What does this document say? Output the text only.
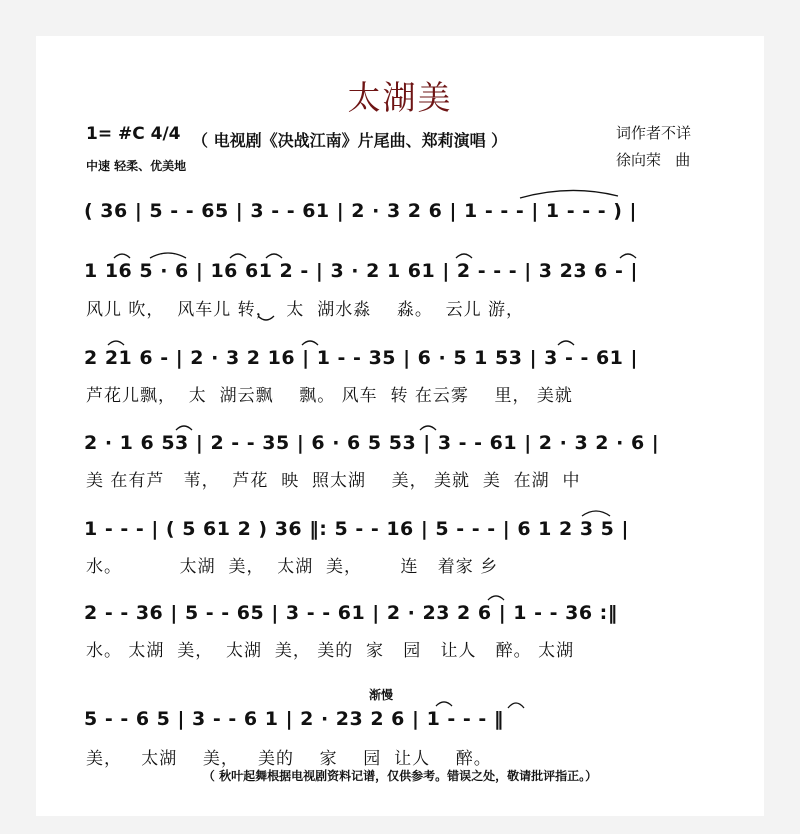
太湖美
1= #C 4/4 （ 电视剧《决战江南》片尾曲、郑莉演唱 ）
中速 轻柔、优美地
词作者不详
徐向荣   曲
( 36 | 5 - - 65 | 3 - - 61 | 2 · 3 2 6 | 1 - - - | 1 - - - ) |
1 16 5 · 6 | 16 61 2 - | 3 · 2 1 61 | 2 - - - | 3 23 6 - |
风儿 吹，  风车儿 转，  太  湖水淼    淼。  云儿 游，
2 21 6 - | 2 · 3 2 16 | 1 - - 35 | 6 · 5 1 53 | 3 - - 61 |
芦花儿飘，  太  湖云飘    飘。 风车  转 在云雾    里， 美就
2 · 1 6 53 | 2 - - 35 | 6 · 6 5 53 | 3 - - 61 | 2 · 3 2 · 6 |
美 在有芦   苇，  芦花  映  照太湖    美， 美就  美  在湖  中
1 - - - | ( 5 61 2 ) 36 ‖: 5 - - 16 | 5 - - - | 6 1 2 3 5 |
水。         太湖  美，  太湖  美，      连   着家 乡
2 - - 36 | 5 - - 65 | 3 - - 61 | 2 · 23 2 6 | 1 - - 36 :‖
水。 太湖  美，  太湖  美， 美的  家   园   让人   醉。 太湖
渐慢
5 - - 6 5 | 3 - - 6 1 | 2 · 23 2 6 | 1 - - - ‖
美，   太湖    美，   美的    家    园  让人    醉。
（ 秋叶起舞根据电视剧资料记谱，仅供参考。错误之处，敬请批评指正。）
